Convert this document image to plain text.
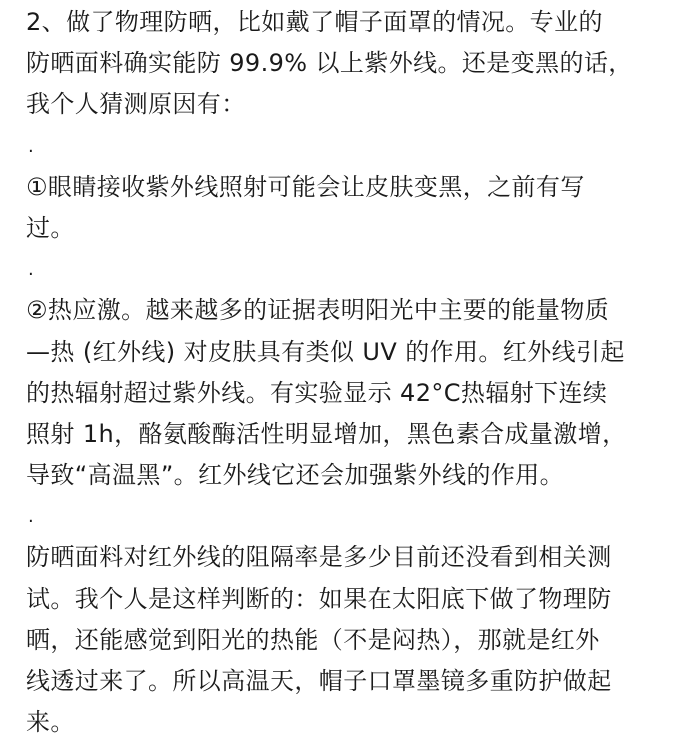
2、做了物理防晒，比如戴了帽子面罩的情况。专业的
防晒面料确实能防 99.9% 以上紫外线。还是变黑的话，
我个人猜测原因有：
.
①眼睛接收紫外线照射可能会让皮肤变黑，之前有写
过。
.
②热应激。越来越多的证据表明阳光中主要的能量物质
—热 (红外线) 对皮肤具有类似 UV 的作用。红外线引起
的热辐射超过紫外线。有实验显示 42°C热辐射下连续
照射 1h，酪氨酸酶活性明显增加，黑色素合成量激增，
导致“高温黑”。红外线它还会加强紫外线的作用。
.
防晒面料对红外线的阻隔率是多少目前还没看到相关测
试。我个人是这样判断的：如果在太阳底下做了物理防
晒，还能感觉到阳光的热能（不是闷热），那就是红外
线透过来了。所以高温天，帽子口罩墨镜多重防护做起
来。
